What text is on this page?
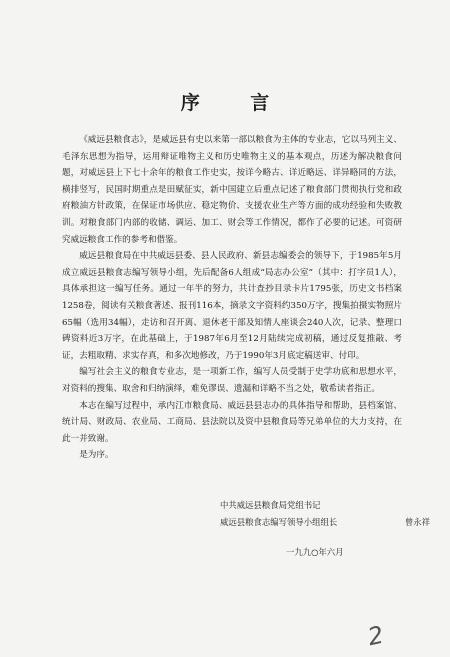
序 言

《威远县粮食志》，是威远县有史以来第一部以粮食为主体的专业志，它以马列主义、毛泽东思想为指导，运用辩证唯物主义和历史唯物主义的基本观点，历述为解决粮食问题，对威远县上下七十余年的粮食工作史实，按详今略古、详近略远、详异略同的方法，横排竖写，民国时期重点是田赋征实，新中国建立后重点记述了粮食部门贯彻执行党和政府粮油方针政策，在保证市场供应、稳定物价、支援农业生产等方面的成功经验和失败教训。对粮食部门内部的收储、调运、加工、财会等工作情况，都作了必要的记述。可资研究威远粮食工作的参考和借鉴。

威远县粮食局在中共威远县委、县人民政府、新县志编委会的领导下，于1985年5月成立威远县粮食志编写领导小组，先后配备6人组成“局志办公室”（其中：打字员1人），具体承担这一编写任务。通过一年半的努力，共计查抄目录卡片1795张，历史文书档案1258卷，阅读有关粮食著述、报刊116本，摘录文字资料约350万字，搜集拍摄实物照片65幅（选用34幅），走访和召开离、退休老干部及知情人座谈会240人次，记录、整理口碑资料近3万字，在此基础上，于1987年6月至12月陆续完成初稿，通过反复推敲、考证，去粗取精、求实存真，和多次地修改，乃于1990年3月底定稿送审、付印。

编写社会主义的粮食专业志，是一项新工作，编写人员受制于史学功底和思想水平，对资料的搜集、取舍和归纳演绎，难免谬误、遗漏和详略不当之处，敬希读者指正。

本志在编写过程中，承内江市粮食局、威远县县志办的具体指导和帮助，县档案馆、统计局、财政局、农业局、工商局、县法院以及资中县粮食局等兄弟单位的大力支持，在此一并致谢。

是为序。

中共威远县粮食局党组书记
威远县粮食志编写领导小组组长	曾永祥
一九九○年六月
2
